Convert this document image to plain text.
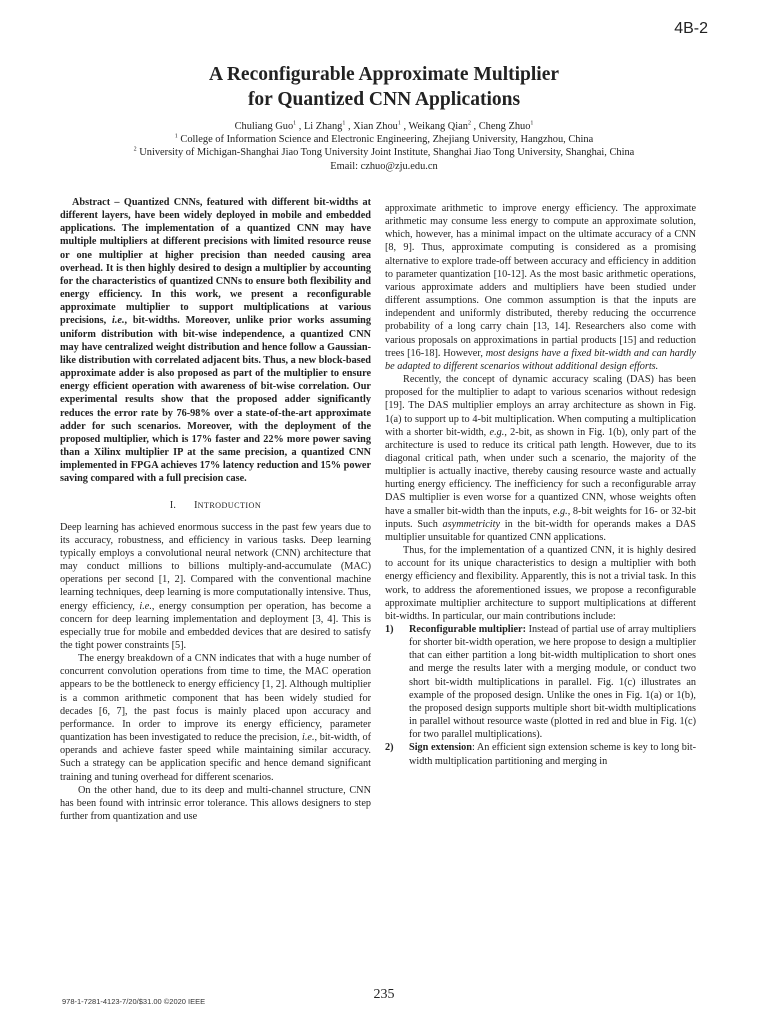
4B-2
A Reconfigurable Approximate Multiplier
for Quantized CNN Applications
Chuliang Guo$^1$ , Li Zhang$^1$ , Xian Zhou$^1$ , Weikang Qian$^2$ , Cheng Zhuo$^1$
$^1$ College of Information Science and Electronic Engineering, Zhejiang University, Hangzhou, China
$^2$ University of Michigan-Shanghai Jiao Tong University Joint Institute, Shanghai Jiao Tong University, Shanghai, China
Email: czhuo@zju.edu.cn

Abstract – Quantized CNNs, featured with different bit-widths at different layers, have been widely deployed in mobile and embedded applications. The implementation of a quantized CNN may have multiple multipliers at different precisions with limited resource reuse or one multiplier at higher precision than needed causing area overhead. It is then highly desired to design a multiplier by accounting for the characteristics of quantized CNNs to ensure both flexibility and energy efficiency. In this work, we present a reconfigurable approximate multiplier to support multiplications at various precisions, i.e., bit-widths. Moreover, unlike prior works assuming uniform distribution with bit-wise independence, a quantized CNN may have centralized weight distribution and hence follow a Gaussian-like distribution with correlated adjacent bits. Thus, a new block-based approximate adder is also proposed as part of the multiplier to ensure energy efficient operation with awareness of bit-wise correlation. Our experimental results show that the proposed adder significantly reduces the error rate by 76-98% over a state-of-the-art approximate adder for such scenarios. Moreover, with the deployment of the proposed multiplier, which is 17% faster and 22% more power saving than a Xilinx multiplier IP at the same precision, a quantized CNN implemented in FPGA achieves 17% latency reduction and 15% power saving compared with a full precision case.

I. INTRODUCTION

Deep learning has achieved enormous success in the past few years due to its accuracy, robustness, and efficiency in various tasks. Deep learning typically employs a convolutional neural network (CNN) architecture that may conduct millions to billions multiply-and-accumulate (MAC) operations per second [1, 2]. Compared with the conventional machine learning techniques, deep learning is more computationally intensive. Thus, energy efficiency, i.e., energy consumption per operation, has become a concern for deep learning implementation and deployment [3, 4]. This is especially true for mobile and embedded devices that are desired to satisfy the tight power constraints [5].

The energy breakdown of a CNN indicates that with a huge number of concurrent convolution operations from time to time, the MAC operation appears to be the bottleneck to energy efficiency [1, 2]. Although multiplier is a common arithmetic component that has been widely studied for decades [6, 7], the past focus is mainly placed upon accuracy and performance. In order to improve its energy efficiency, parameter quantization has been investigated to reduce the precision, i.e., bit-width, of operands and achieve faster speed while maintaining similar accuracy. Such a strategy can be application specific and hence demand significant training and tuning overhead for different scenarios.

On the other hand, due to its deep and multi-channel structure, CNN has been found with intrinsic error tolerance. This allows designers to step further from quantization and use

approximate arithmetic to improve energy efficiency. The approximate arithmetic may consume less energy to compute an approximate solution, which, however, has a minimal impact on the ultimate accuracy of a CNN [8, 9]. Thus, approximate computing is considered as a promising alternative to explore trade-off between accuracy and efficiency in addition to parameter quantization [10-12]. As the most basic arithmetic operations, various approximate adders and multipliers have been studied under different assumptions. One common assumption is that the inputs are independent and uniformly distributed, thereby reducing the occurrence probability of a long carry chain [13, 14]. Researchers also come with various proposals on approximations in partial products [15] and reduction trees [16-18]. However, most designs have a fixed bit-width and can hardly be adapted to different scenarios without additional design efforts.

Recently, the concept of dynamic accuracy scaling (DAS) has been proposed for the multiplier to adapt to various scenarios without redesign [19]. The DAS multiplier employs an array architecture as shown in Fig. 1(a) to support up to 4-bit multiplication. When computing a multiplication with a shorter bit-width, e.g., 2-bit, as shown in Fig. 1(b), only part of the architecture is used to reduce its critical path length. However, due to its diagonal critical path, when under such a scenario, the majority of the multiplier is actually inactive, thereby causing resource waste and actually hurting energy efficiency. The inefficiency for such a reconfigurable array DAS multiplier is even worse for a quantized CNN, whose weights often have a smaller bit-width than the inputs, e.g., 8-bit weights for 16- or 32-bit inputs. Such asymmetricity in the bit-width for operands makes a DAS multiplier unsuitable for quantized CNN applications.

Thus, for the implementation of a quantized CNN, it is highly desired to account for its unique characteristics to design a multiplier with both energy efficiency and flexibility. Apparently, this is not a trivial task. In this work, to address the aforementioned issues, we propose a reconfigurable approximate multiplier architecture to support multiplications at different bit-widths. In particular, our main contributions include:

1)	Reconfigurable multiplier: Instead of partial use of array multipliers for shorter bit-width operation, we here propose to design a multiplier that can either partition a long bit-width multiplication to short ones and merge the results later with a merging module, or conduct two short bit-width multiplications in parallel. Fig. 1(c) illustrates an example of the proposed design. Unlike the ones in Fig. 1(a) or 1(b), the proposed design supports multiple short bit-width multiplications in parallel without resource waste (plotted in red and blue in Fig. 1(c) for two parallel multiplications).
2)	Sign extension: An efficient sign extension scheme is key to long bit-width multiplication partitioning and merging in
978-1-7281-4123-7/20/$31.00 ©2020 IEEE	235
